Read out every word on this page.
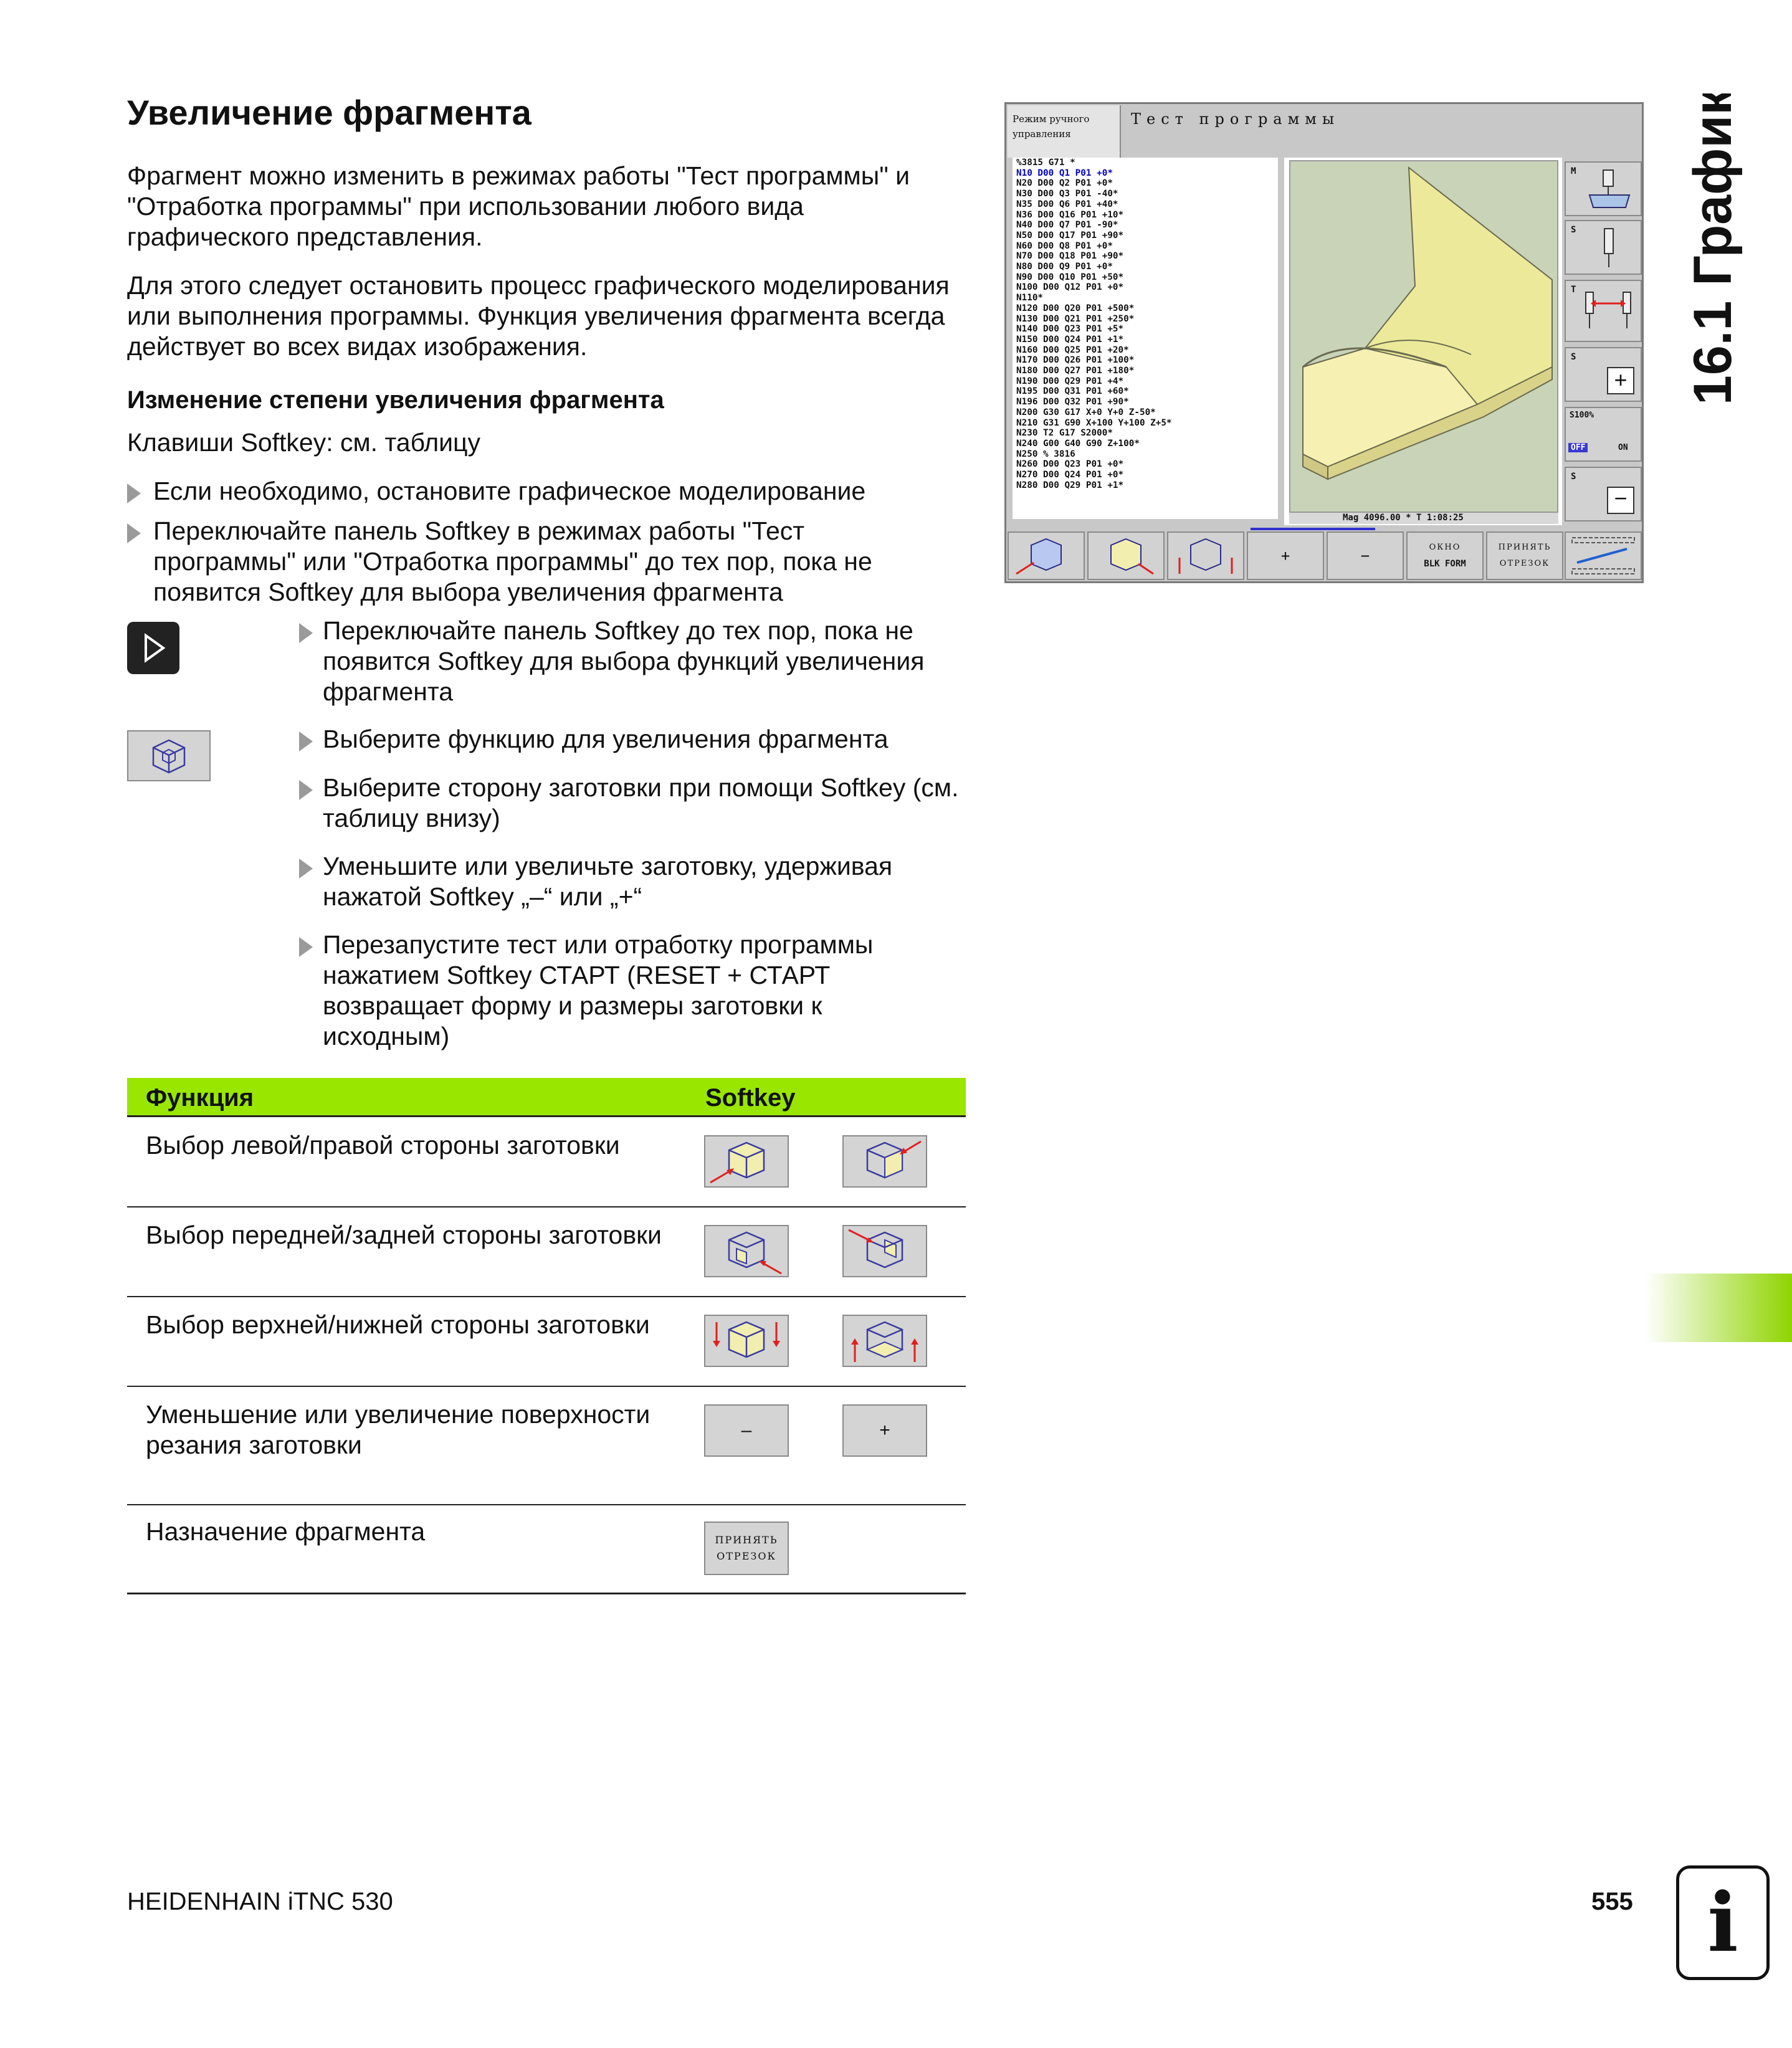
Увеличение фрагмента

Фрагмент можно изменить в режимах работы "Тест программы" и "Отработка программы" при использовании любого вида графического представления.

Для этого следует остановить процесс графического моделирования или выполнения программы. Функция увеличения фрагмента всегда действует во всех видах изображения.

Изменение степени увеличения фрагмента

Клавиши Softkey: см. таблицу

Если необходимо, остановите графическое моделирование
Переключайте панель Softkey в режимах работы "Тест программы" или "Отработка программы" до тех пор, пока не появится Softkey для выбора увеличения фрагмента
Переключайте панель Softkey до тех пор, пока не появится Softkey для выбора функций увеличения фрагмента
Выберите функцию для увеличения фрагмента
Выберите сторону заготовки при помощи Softkey (см. таблицу внизу)
Уменьшите или увеличьте заготовку, удерживая нажатой Softkey „–“ или „+“
Перезапустите тест или отработку программы нажатием Softkey СТАРТ (RESET + СТАРТ возвращает форму и размеры заготовки к исходным)
Функция	Softkey

Выбор левой/правой стороны заготовки

Выбор передней/задней стороны заготовки

Выбор верхней/нижней стороны заготовки

Уменьшение или увеличение поверхности резания заготовки

–	+

Назначение фрагмента	ПРИНЯТЬ
ОТРЕЗОК
Режим ручного управления
Тест программы
%3815 G71 *
N10 D00 Q1 P01 +0*
N20 D00 Q2 P01 +0*
N30 D00 Q3 P01 -40*
N35 D00 Q6 P01 +40*
N36 D00 Q16 P01 +10*
N40 D00 Q7 P01 -90*
N50 D00 Q17 P01 +90*
N60 D00 Q8 P01 +0*
N70 D00 Q18 P01 +90*
N80 D00 Q9 P01 +0*
N90 D00 Q10 P01 +50*
N100 D00 Q12 P01 +0*
N110*
N120 D00 Q20 P01 +500*
N130 D00 Q21 P01 +250*
N140 D00 Q23 P01 +5*
N150 D00 Q24 P01 +1*
N160 D00 Q25 P01 +20*
N170 D00 Q26 P01 +100*
N180 D00 Q27 P01 +180*
N190 D00 Q29 P01 +4*
N195 D00 Q31 P01 +60*
N196 D00 Q32 P01 +90*
N200 G30 G17 X+0 Y+0 Z-50*
N210 G31 G90 X+100 Y+100 Z+5*
N230 T2 G17 S2000*
N240 G00 G40 G90 Z+100*
N250 % 3816
N260 D00 Q23 P01 +0*
N270 D00 Q24 P01 +0*
N280 D00 Q29 P01 +1*
Mag 4096.00 * T 1:08:25
M
S
T
S
+
S100%
OFF	ON
S
−
+	−	ОКНО
BLK FORM
ПРИНЯТЬ
ОТРЕЗОК
16.1 Графика
HEIDENHAIN iTNC 530	555 i
